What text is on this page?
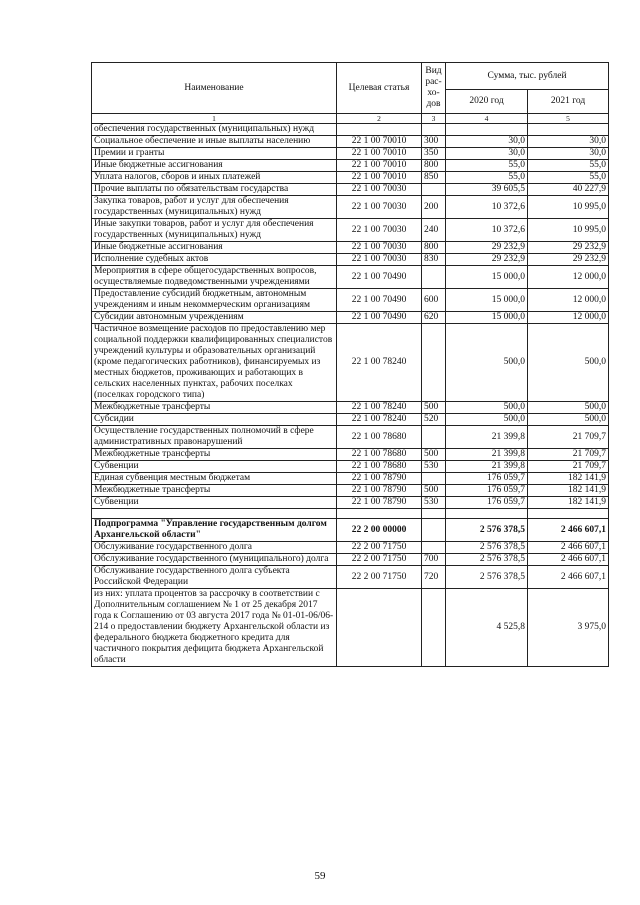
Наименование	Целевая статья	Вид рас- хо- дов	Сумма, тыс. рублей	
			2020 год	2021 год
1	2	3	4	5
обеспечения государственных (муниципальных) нужд				
Социальное обеспечение и иные выплаты населению	22 1 00 70010	300	30,0	30,0
Премии и гранты	22 1 00 70010	350	30,0	30,0
Иные бюджетные ассигнования	22 1 00 70010	800	55,0	55,0
Уплата налогов, сборов и иных платежей	22 1 00 70010	850	55,0	55,0
Прочие выплаты по обязательствам государства	22 1 00 70030		39 605,5	40 227,9
Закупка товаров, работ и услуг для обеспечения государственных (муниципальных) нужд	22 1 00 70030	200	10 372,6	10 995,0
Иные закупки товаров, работ и услуг для обеспечения государственных (муниципальных) нужд	22 1 00 70030	240	10 372,6	10 995,0
Иные бюджетные ассигнования	22 1 00 70030	800	29 232,9	29 232,9
Исполнение судебных актов	22 1 00 70030	830	29 232,9	29 232,9
Мероприятия в сфере общегосударственных вопросов, осуществляемые подведомственными учреждениями	22 1 00 70490		15 000,0	12 000,0
Предоставление субсидий бюджетным, автономным учреждениям и иным некоммерческим организациям	22 1 00 70490	600	15 000,0	12 000,0
Субсидии автономным учреждениям	22 1 00 70490	620	15 000,0	12 000,0
Частичное возмещение расходов по предоставлению мер социальной поддержки квалифицированных специалистов учреждений культуры и образовательных организаций (кроме педагогических работников), финансируемых из местных бюджетов, проживающих и работающих в сельских населенных пунктах, рабочих поселках (поселках городского типа)	22 1 00 78240		500,0	500,0
Межбюджетные трансферты	22 1 00 78240	500	500,0	500,0
Субсидии	22 1 00 78240	520	500,0	500,0
Осуществление государственных полномочий в сфере административных правонарушений	22 1 00 78680		21 399,8	21 709,7
Межбюджетные трансферты	22 1 00 78680	500	21 399,8	21 709,7
Субвенции	22 1 00 78680	530	21 399,8	21 709,7
Единая субвенция местным бюджетам	22 1 00 78790		176 059,7	182 141,9
Межбюджетные трансферты	22 1 00 78790	500	176 059,7	182 141,9
Субвенции	22 1 00 78790	530	176 059,7	182 141,9

Подпрограмма "Управление государственным долгом Архангельской области"	22 2 00 00000		2 576 378,5	2 466 607,1
Обслуживание государственного долга	22 2 00 71750		2 576 378,5	2 466 607,1
Обслуживание государственного (муниципального) долга	22 2 00 71750	700	2 576 378,5	2 466 607,1
Обслуживание государственного долга субъекта Российской Федерации	22 2 00 71750	720	2 576 378,5	2 466 607,1
из них: уплата процентов за рассрочку в соответствии с Дополнительным соглашением № 1 от 25 декабря 2017 года к Соглашению от 03 августа 2017 года № 01-01-06/06-214 о предоставлении бюджету Архангельской области из федерального бюджета бюджетного кредита для частичного покрытия дефицита бюджета Архангельской области			4 525,8	3 975,0
59
